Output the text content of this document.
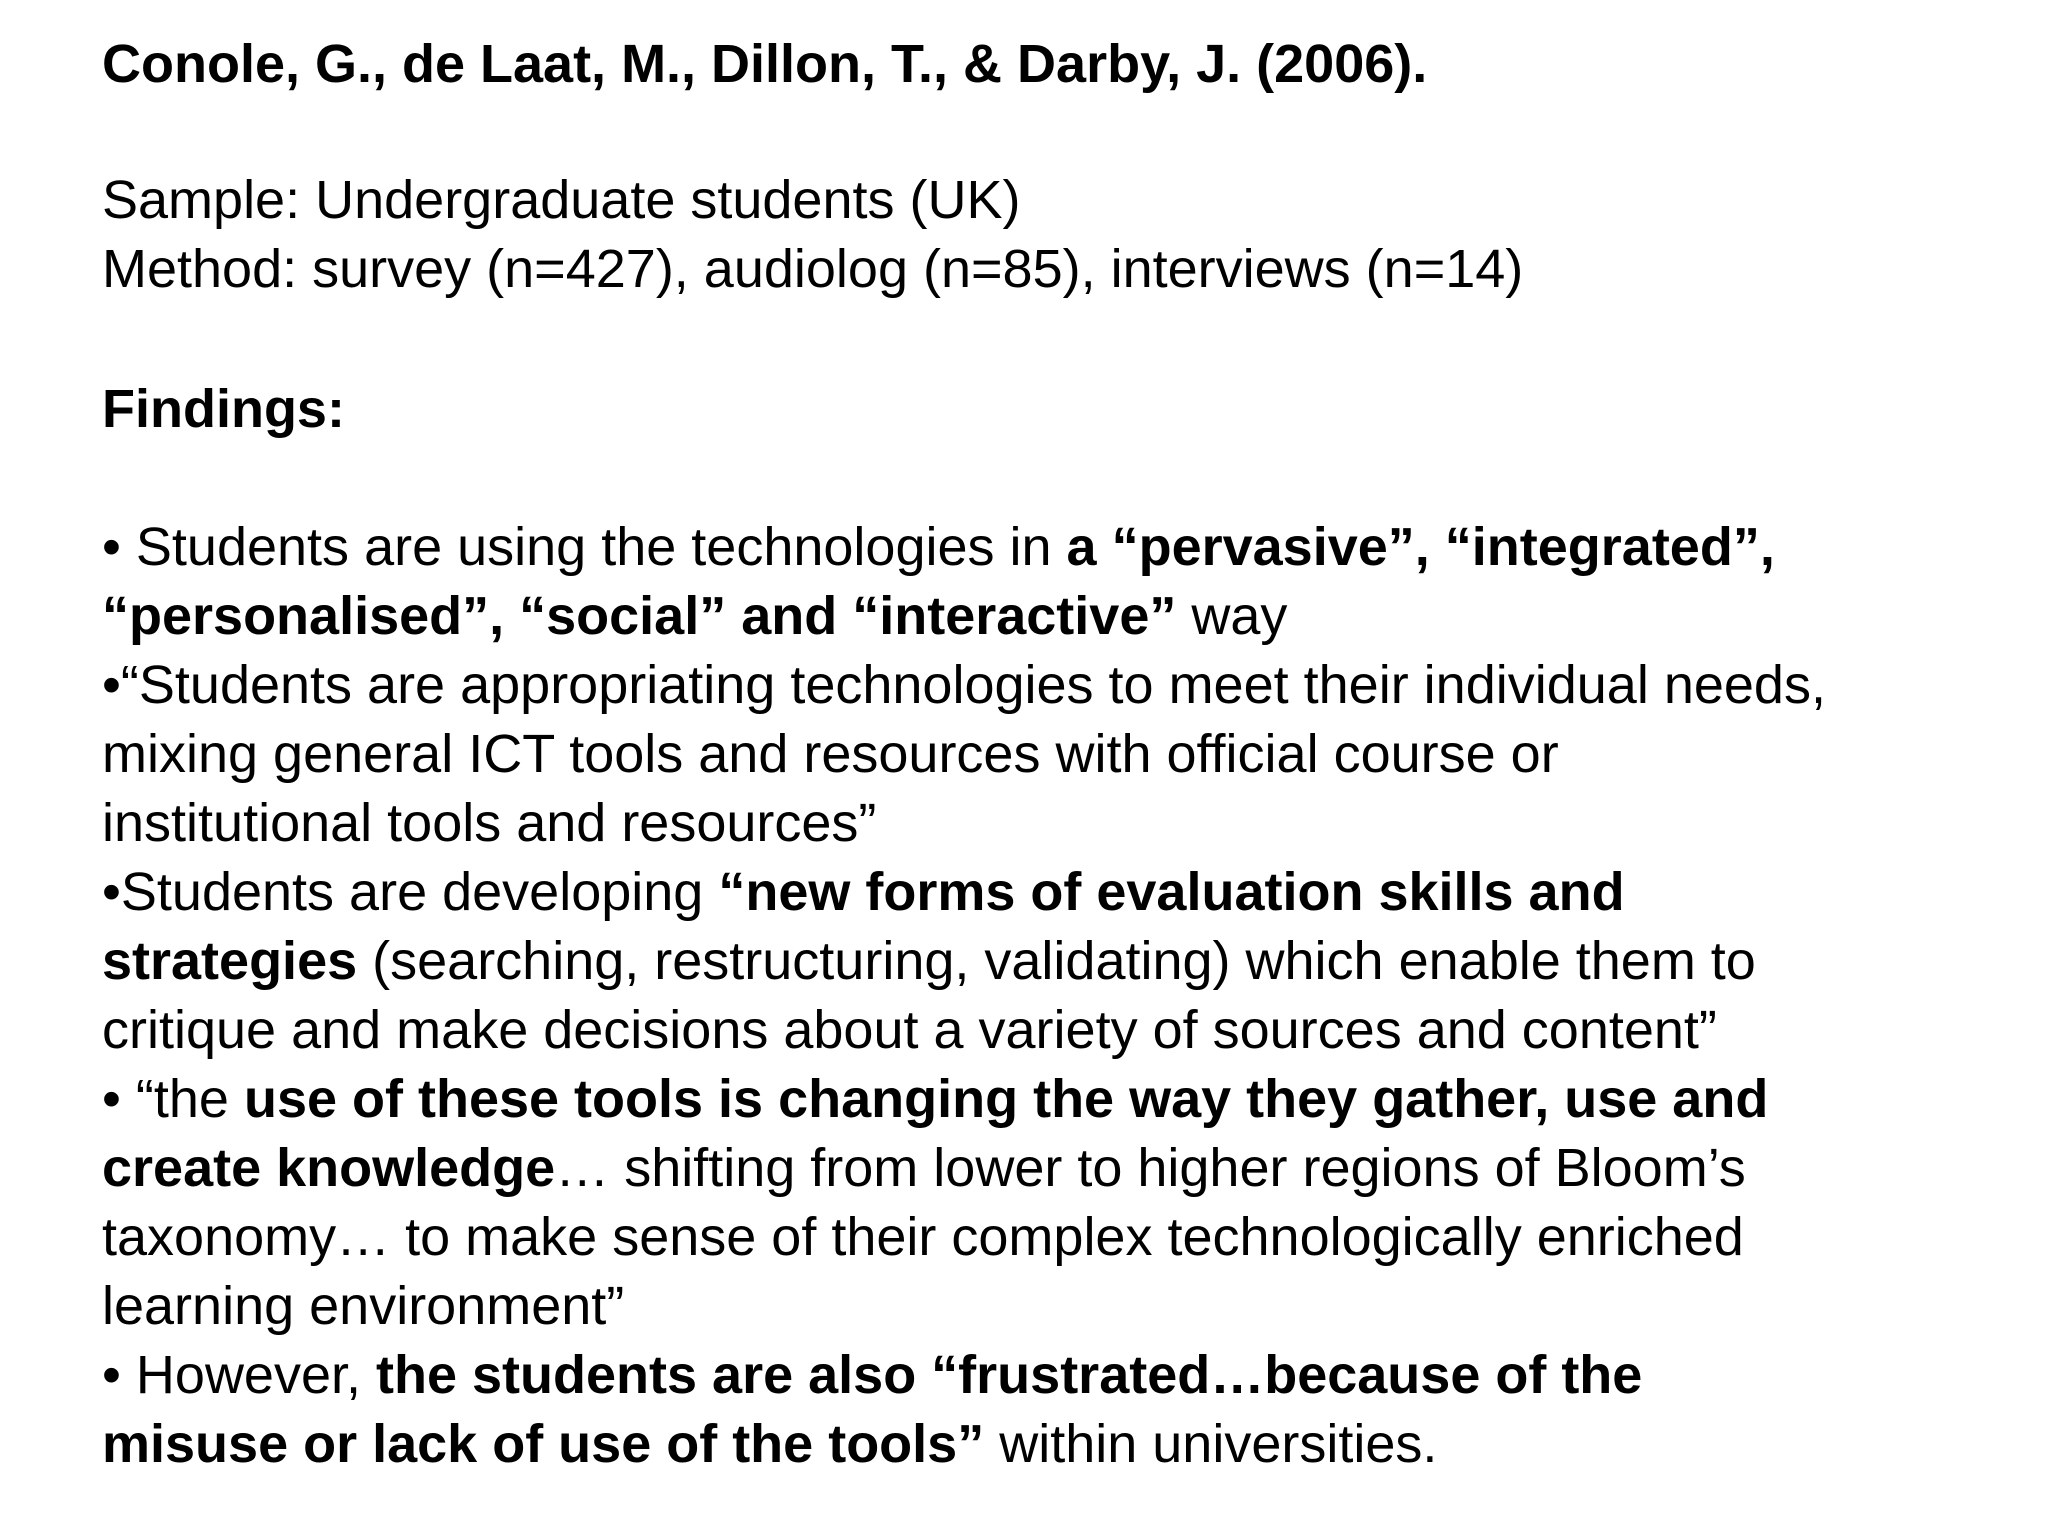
Conole, G., de Laat, M., Dillon, T., & Darby, J. (2006).
Sample: Undergraduate students (UK)
Method: survey (n=427), audiolog (n=85), interviews (n=14)
Findings:
• Students are using the technologies in a “pervasive”, “integrated”,
“personalised”, “social” and “interactive” way
•“Students are appropriating technologies to meet their individual needs,
mixing general ICT tools and resources with official course or
institutional tools and resources”
•Students are developing “new forms of evaluation skills and
strategies (searching, restructuring, validating) which enable them to
critique and make decisions about a variety of sources and content”
• “the use of these tools is changing the way they gather, use and
create knowledge… shifting from lower to higher regions of Bloom’s
taxonomy… to make sense of their complex technologically enriched
learning environment”
• However, the students are also “frustrated…because of the
misuse or lack of use of the tools” within universities.
